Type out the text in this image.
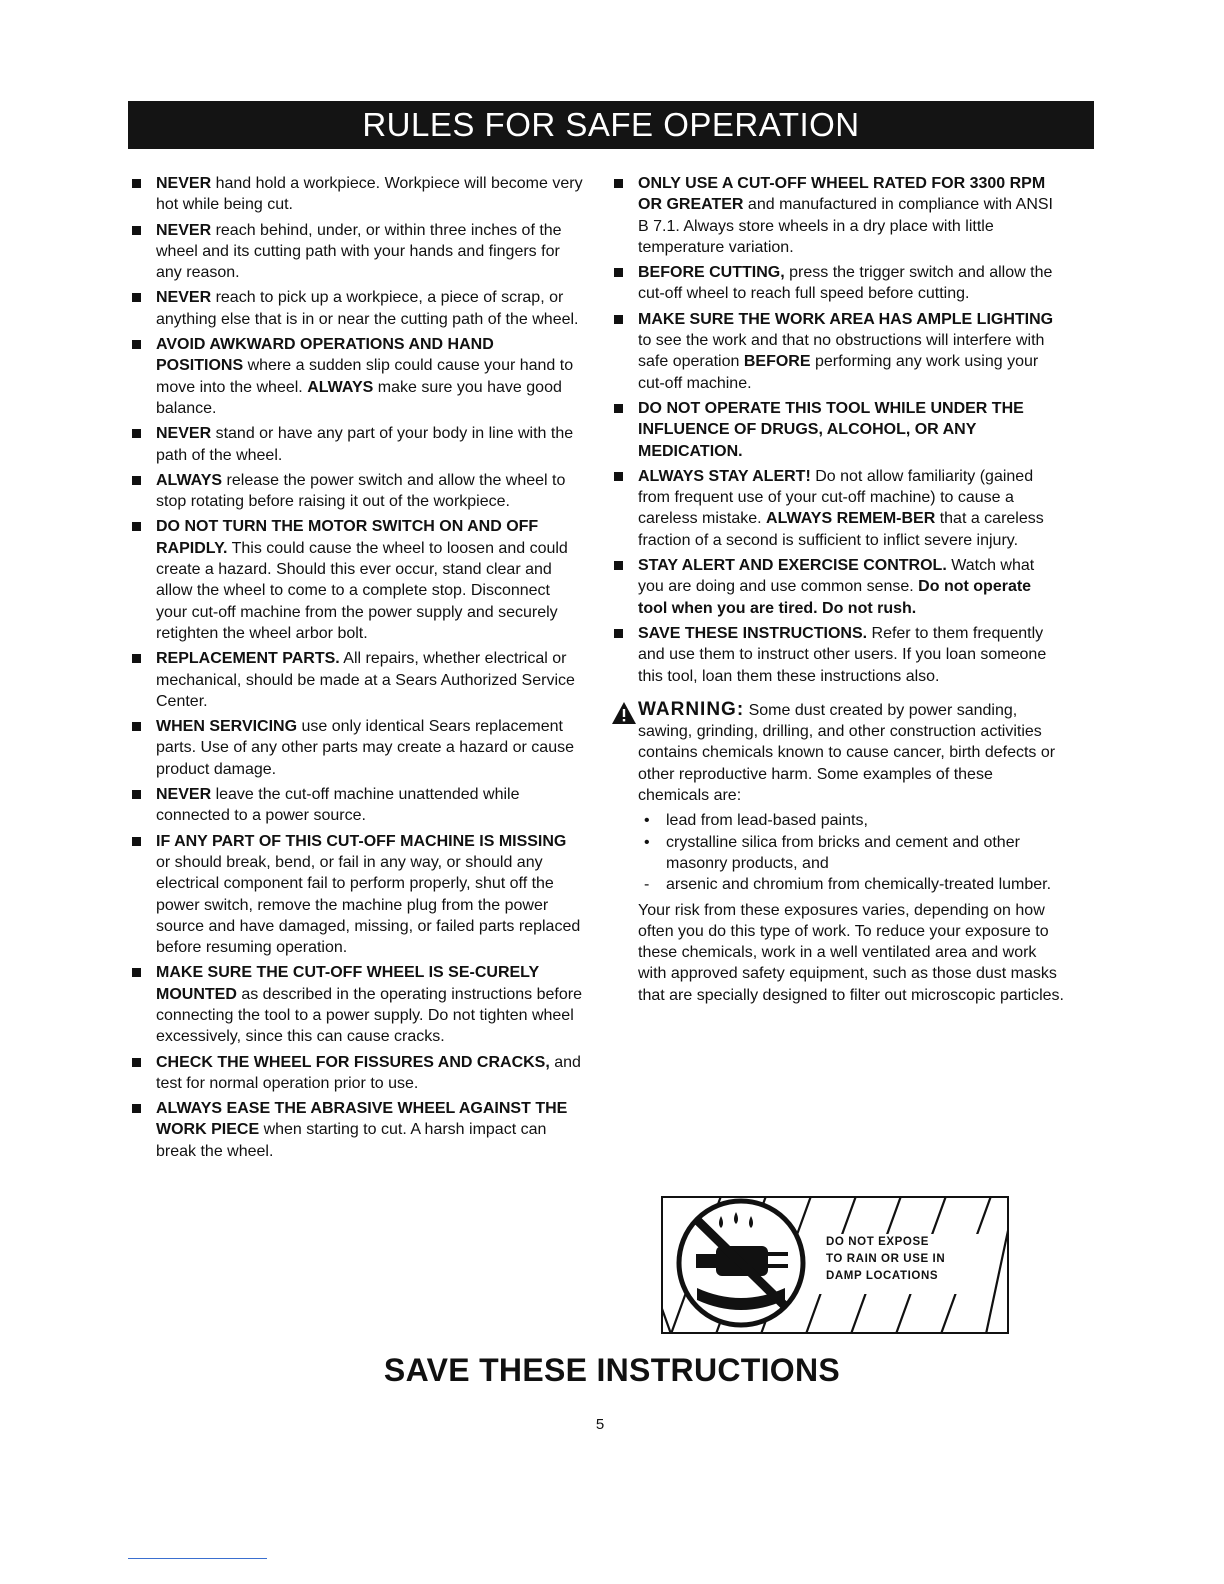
RULES FOR SAFE OPERATION
NEVER hand hold a workpiece. Workpiece will become very hot while being cut.
NEVER reach behind, under, or within three inches of the wheel and its cutting path with your hands and fingers for any reason.
NEVER reach to pick up a workpiece, a piece of scrap, or anything else that is in or near the cutting path of the wheel.
AVOID AWKWARD OPERATIONS AND HAND POSITIONS where a sudden slip could cause your hand to move into the wheel. ALWAYS make sure you have good balance.
NEVER stand or have any part of your body in line with the path of the wheel.
ALWAYS release the power switch and allow the wheel to stop rotating before raising it out of the workpiece.
DO NOT TURN THE MOTOR SWITCH ON AND OFF RAPIDLY. This could cause the wheel to loosen and could create a hazard. Should this ever occur, stand clear and allow the wheel to come to a complete stop. Disconnect your cut-off machine from the power supply and securely retighten the wheel arbor bolt.
REPLACEMENT PARTS. All repairs, whether electrical or mechanical, should be made at a Sears Authorized Service Center.
WHEN SERVICING use only identical Sears replacement parts. Use of any other parts may create a hazard or cause product damage.
NEVER leave the cut-off machine unattended while connected to a power source.
IF ANY PART OF THIS CUT-OFF MACHINE IS MISSING or should break, bend, or fail in any way, or should any electrical component fail to perform properly, shut off the power switch, remove the machine plug from the power source and have damaged, missing, or failed parts replaced before resuming operation.
MAKE SURE THE CUT-OFF WHEEL IS SE-CURELY MOUNTED as described in the operating instructions before connecting the tool to a power supply. Do not tighten wheel excessively, since this can cause cracks.
CHECK THE WHEEL FOR FISSURES AND CRACKS, and test for normal operation prior to use.
ALWAYS EASE THE ABRASIVE WHEEL AGAINST THE WORK PIECE when starting to cut. A harsh impact can break the wheel.
ONLY USE A CUT-OFF WHEEL RATED FOR 3300 RPM OR GREATER and manufactured in compliance with ANSI B 7.1. Always store wheels in a dry place with little temperature variation.
BEFORE CUTTING, press the trigger switch and allow the cut-off wheel to reach full speed before cutting.
MAKE SURE THE WORK AREA HAS AMPLE LIGHTING to see the work and that no obstructions will interfere with safe operation BEFORE performing any work using your cut-off machine.
DO NOT OPERATE THIS TOOL WHILE UNDER THE INFLUENCE OF DRUGS, ALCOHOL, OR ANY MEDICATION.
ALWAYS STAY ALERT! Do not allow familiarity (gained from frequent use of your cut-off machine) to cause a careless mistake. ALWAYS REMEM-BER that a careless fraction of a second is sufficient to inflict severe injury.
STAY ALERT AND EXERCISE CONTROL. Watch what you are doing and use common sense. Do not operate tool when you are tired. Do not rush.
SAVE THESE INSTRUCTIONS. Refer to them frequently and use them to instruct other users. If you loan someone this tool, loan them these instructions also.
WARNING: Some dust created by power sanding, sawing, grinding, drilling, and other construction activities contains chemicals known to cause cancer, birth defects or other reproductive harm. Some examples of these chemicals are:
• lead from lead-based paints,
• crystalline silica from bricks and cement and other masonry products, and
- arsenic and chromium from chemically-treated lumber.
Your risk from these exposures varies, depending on how often you do this type of work. To reduce your exposure to these chemicals, work in a well ventilated area and work with approved safety equipment, such as those dust masks that are specially designed to filter out microscopic particles.
DO NOT EXPOSE
TO RAIN OR USE IN
DAMP LOCATIONS
SAVE THESE INSTRUCTIONS
5
